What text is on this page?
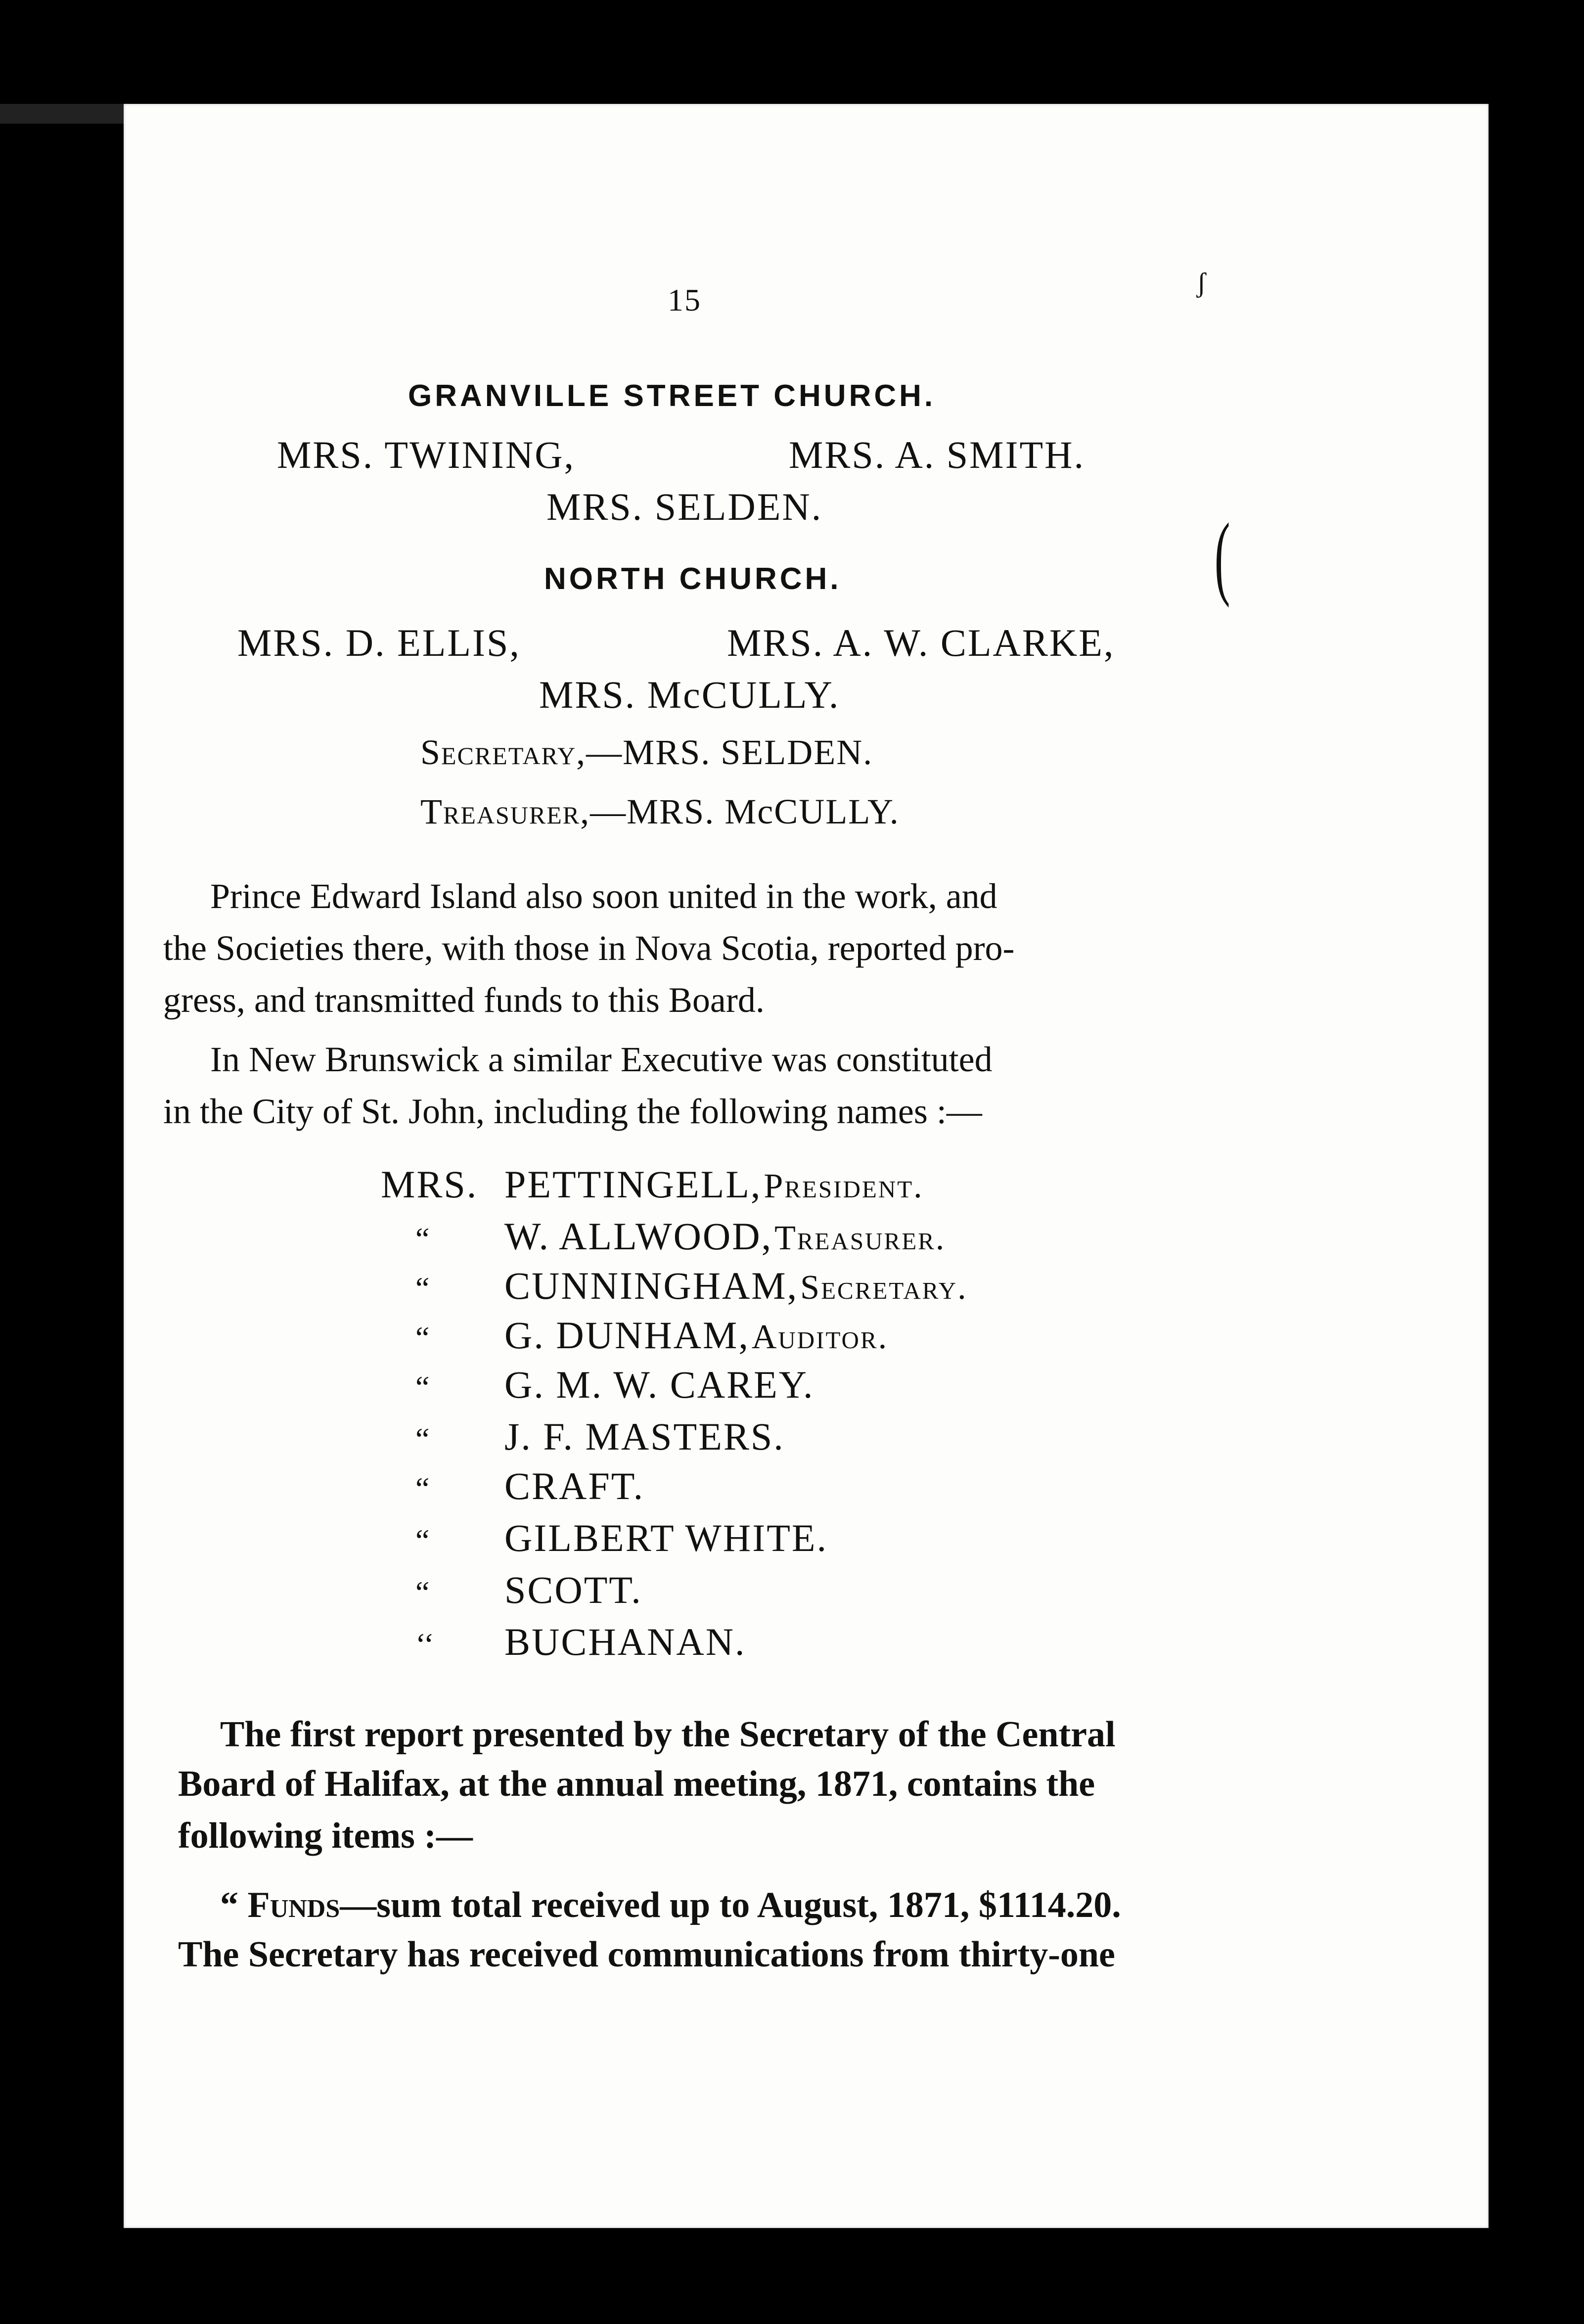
15
GRANVILLE STREET CHURCH.
MRS. TWINING,	MRS. A. SMITH.
MRS. SELDEN.
NORTH CHURCH.
MRS. D. ELLIS,	MRS. A. W. CLARKE,
MRS. McCULLY.
Secretary,—MRS. SELDEN.
Treasurer,—MRS. McCULLY.
Prince Edward Island also soon united in the work, and
the Societies there, with those in Nova Scotia, reported pro-
gress, and transmitted funds to this Board.
In New Brunswick a similar Executive was constituted
in the City of St. John, including the following names :—
MRS. PETTINGELL, President.
“ W. ALLWOOD, Treasurer.
“ CUNNINGHAM, Secretary.
“ G. DUNHAM, Auditor.
“ G. M. W. CAREY.
“ J. F. MASTERS.
“ CRAFT.
“ GILBERT WHITE.
“ SCOTT.
‘‘ BUCHANAN.
The first report presented by the Secretary of the Central
Board of Halifax, at the annual meeting, 1871, contains the
following items :—
“ Funds—sum total received up to August, 1871, $1114.20.
The Secretary has received communications from thirty-one
(
ʃ
